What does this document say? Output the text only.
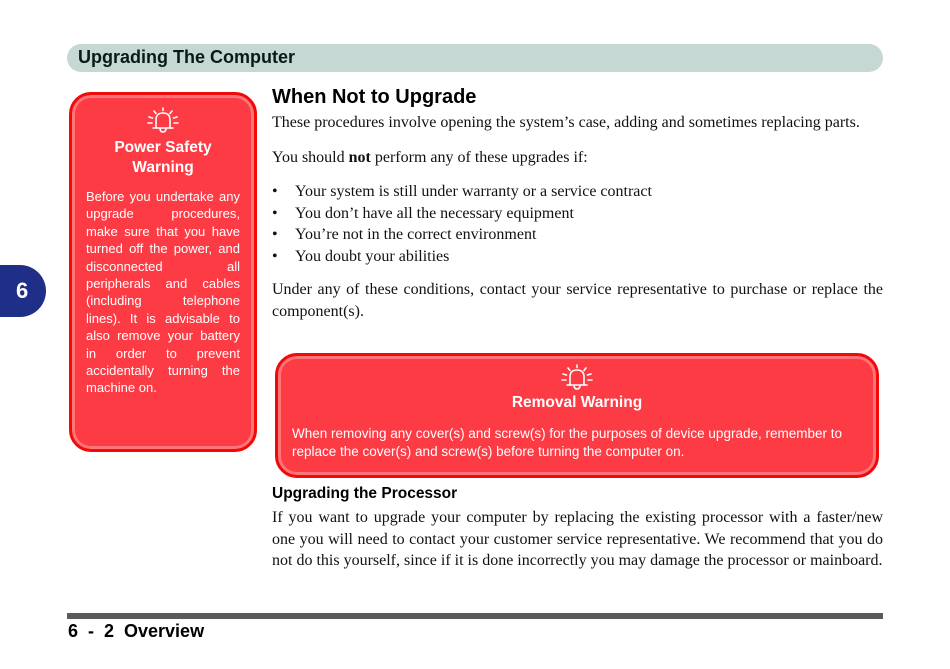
Upgrading The Computer
6
Power Safety Warning
Before you undertake any upgrade procedures, make sure that you have turned off the power, and disconnected all peripherals and cables (including telephone lines). It is advisable to also remove your battery in order to prevent accidentally turning the machine on.
When Not to Upgrade

These procedures involve opening the system’s case, adding and sometimes replacing parts.

You should not perform any of these upgrades if:

• Your system is still under warranty or a service contract
• You don’t have all the necessary equipment
• You’re not in the correct environment
• You doubt your abilities

Under any of these conditions, contact your service representative to purchase or replace the component(s).

Removal Warning
When removing any cover(s) and screw(s) for the purposes of device upgrade, remember to replace the cover(s) and screw(s) before turning the computer on.
Upgrading the Processor

If you want to upgrade your computer by replacing the existing processor with a faster/new one you will need to contact your customer service representative. We recommend that you do not do this yourself, since if it is done incorrectly you may damage the processor or mainboard.

6  -  2  Overview
